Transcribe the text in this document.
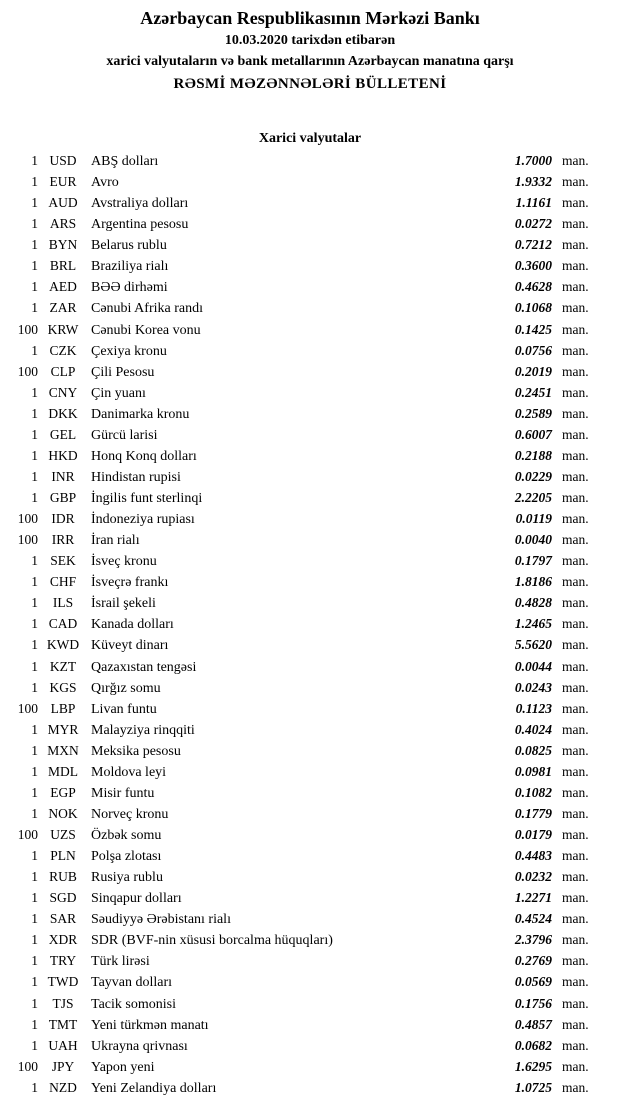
Azərbaycan Respublikasının Mərkəzi Bankı
10.03.2020 tarixdən etibarən
xarici valyutaların və bank metallarının Azərbaycan manatına qarşı
RƏSMİ MƏZƏNNƏLƏRİ BÜLLETENİ
Xarici valyutalar
1 USD	ABŞ dolları	1.7000 man.
1 EUR	Avro	1.9332 man.
1 AUD Avstraliya dolları	1.1161 man.
1 ARS	Argentina pesosu	0.0272 man.
1 BYN Belarus rublu	0.7212 man.
1 BRL	Braziliya rialı	0.3600 man.
1 AED	BƏƏ dirhəmi	0.4628 man.
1 ZAR	Cənubi Afrika randı	0.1068 man.
100 KRW Cənubi Korea vonu	0.1425 man.
1 CZK	Çexiya kronu	0.0756 man.
100 CLP	Çili Pesosu	0.2019 man.
1 CNY Çin yuanı	0.2451 man.
1 DKK Danimarka kronu	0.2589 man.
1 GEL	Gürcü larisi	0.6007 man.
1 HKD Honq Konq dolları	0.2188 man.
1 INR	Hindistan rupisi	0.0229 man.
1 GBP	İngilis funt sterlinqi	2.2205 man.
100 IDR	İndoneziya rupiası	0.0119 man.
100	IRR	İran rialı	0.0040 man.
1 SEK	İsveç kronu	0.1797 man.
1 CHF	İsveçrə frankı	1.8186 man.
1	ILS	İsrail şekeli	0.4828 man.
1 CAD Kanada dolları	1.2465 man.
1 KWD Küveyt dinarı	5.5620 man.
1 KZT	Qazaxıstan tengəsi	0.0044 man.
1 KGS	Qırğız somu	0.0243 man.
100 LBP	Livan funtu	0.1123 man.
1 MYR Malayziya rinqqiti	0.4024 man.
1 MXN Meksika pesosu	0.0825 man.
1 MDL Moldova leyi	0.0981 man.
1 EGP	Misir funtu	0.1082 man.
1 NOK Norveç kronu	0.1779 man.
100 UZS	Özbək somu	0.0179 man.
1 PLN	Polşa zlotası	0.4483 man.
1 RUB	Rusiya rublu	0.0232 man.
1 SGD	Sinqapur dolları	1.2271 man.
1 SAR	Səudiyyə Ərəbistanı rialı	0.4524 man.
1 XDR SDR (BVF-nin xüsusi borcalma hüquqları)	2.3796 man.
1 TRY	Türk lirəsi	0.2769 man.
1 TWD Tayvan dolları	0.0569 man.
1	TJS	Tacik somonisi	0.1756 man.
1 TMT Yeni türkmən manatı	0.4857 man.
1 UAH Ukrayna qrivnası	0.0682 man.
100	JPY	Yapon yeni	1.6295 man.
1 NZD	Yeni Zelandiya dolları	1.0725 man.
